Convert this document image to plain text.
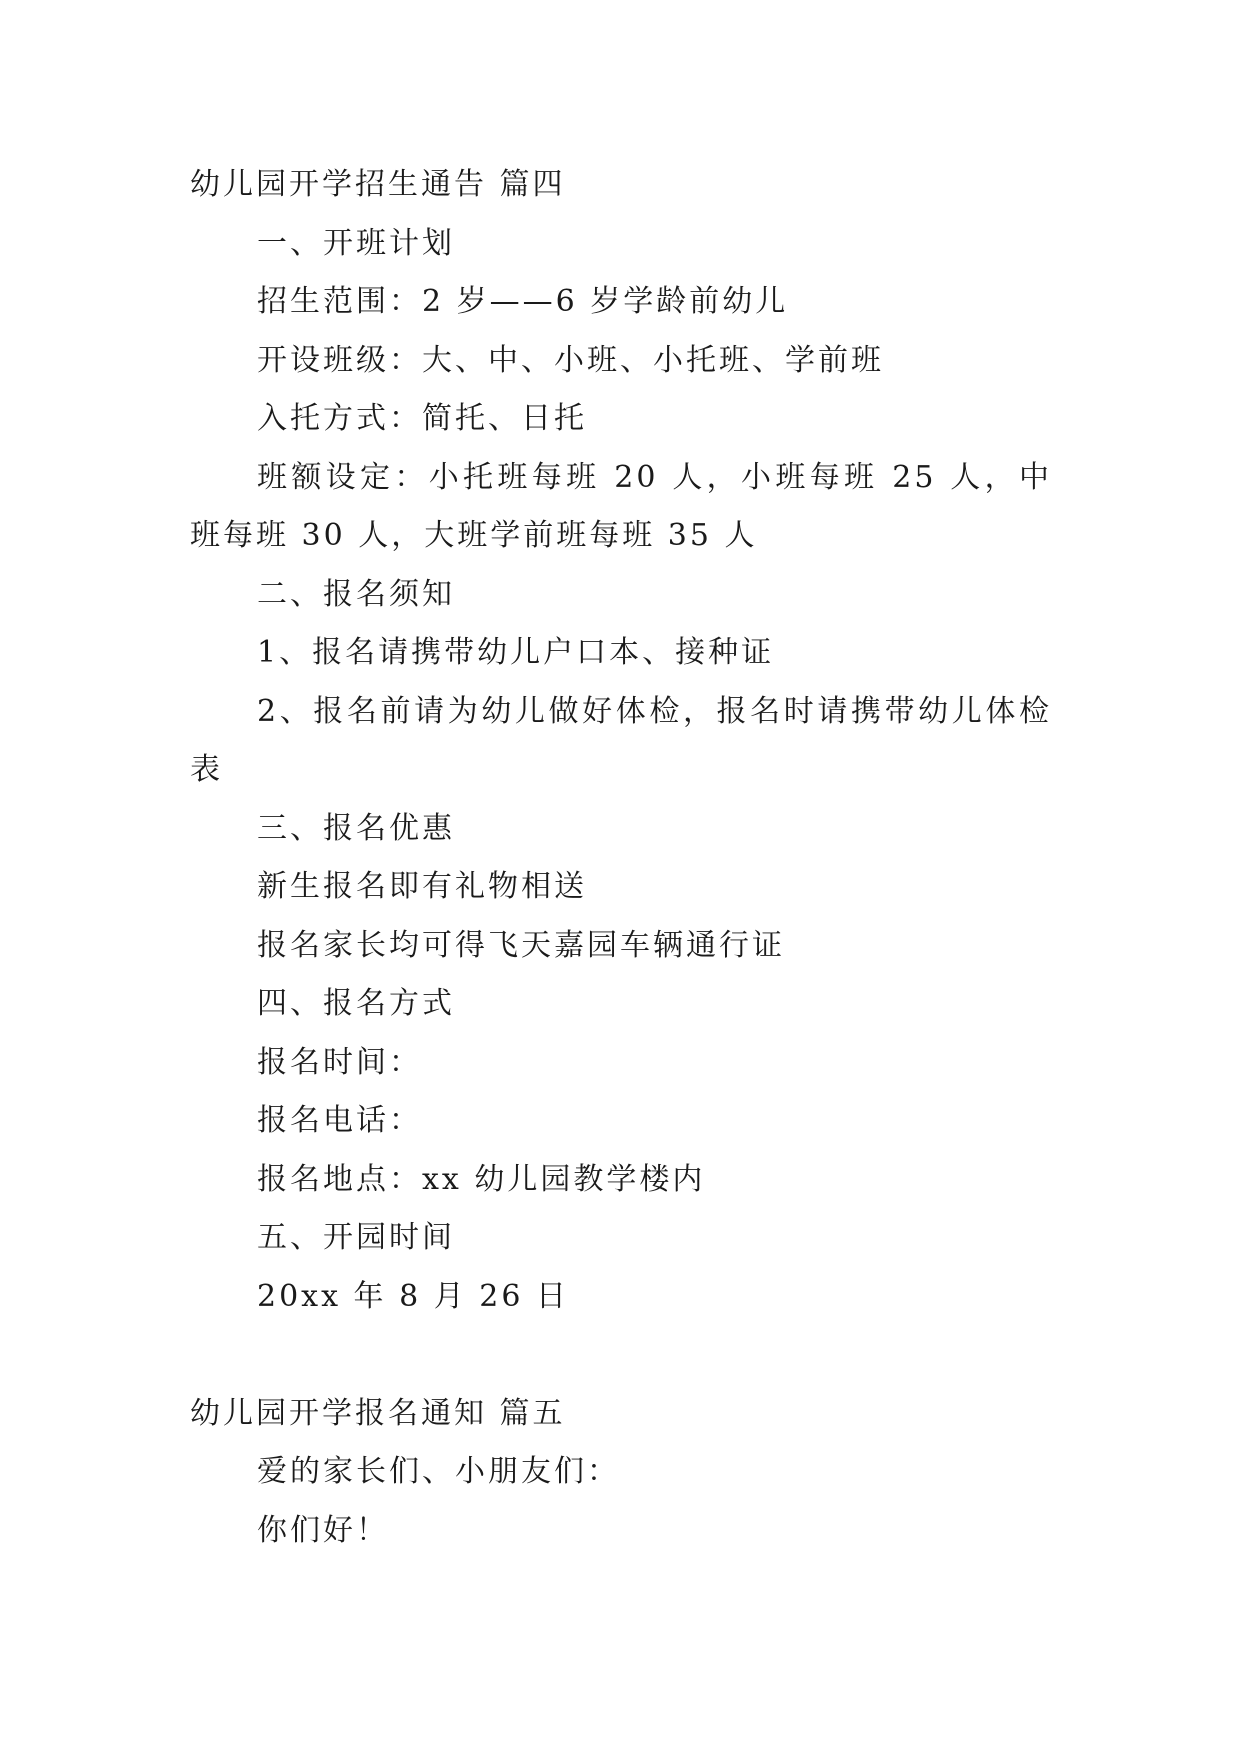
幼儿园开学招生通告 篇四
一、开班计划
招生范围：2 岁——6 岁学龄前幼儿
开设班级：大、中、小班、小托班、学前班
入托方式：简托、日托
班额设定：小托班每班 20 人，小班每班 25 人，中班每班 30 人，大班学前班每班 35 人
二、报名须知
1、报名请携带幼儿户口本、接种证
2、报名前请为幼儿做好体检，报名时请携带幼儿体检表
三、报名优惠
新生报名即有礼物相送
报名家长均可得飞天嘉园车辆通行证
四、报名方式
报名时间：
报名电话：
报名地点：xx 幼儿园教学楼内
五、开园时间
20xx 年 8 月 26 日
幼儿园开学报名通知 篇五
爱的家长们、小朋友们：
你们好！
